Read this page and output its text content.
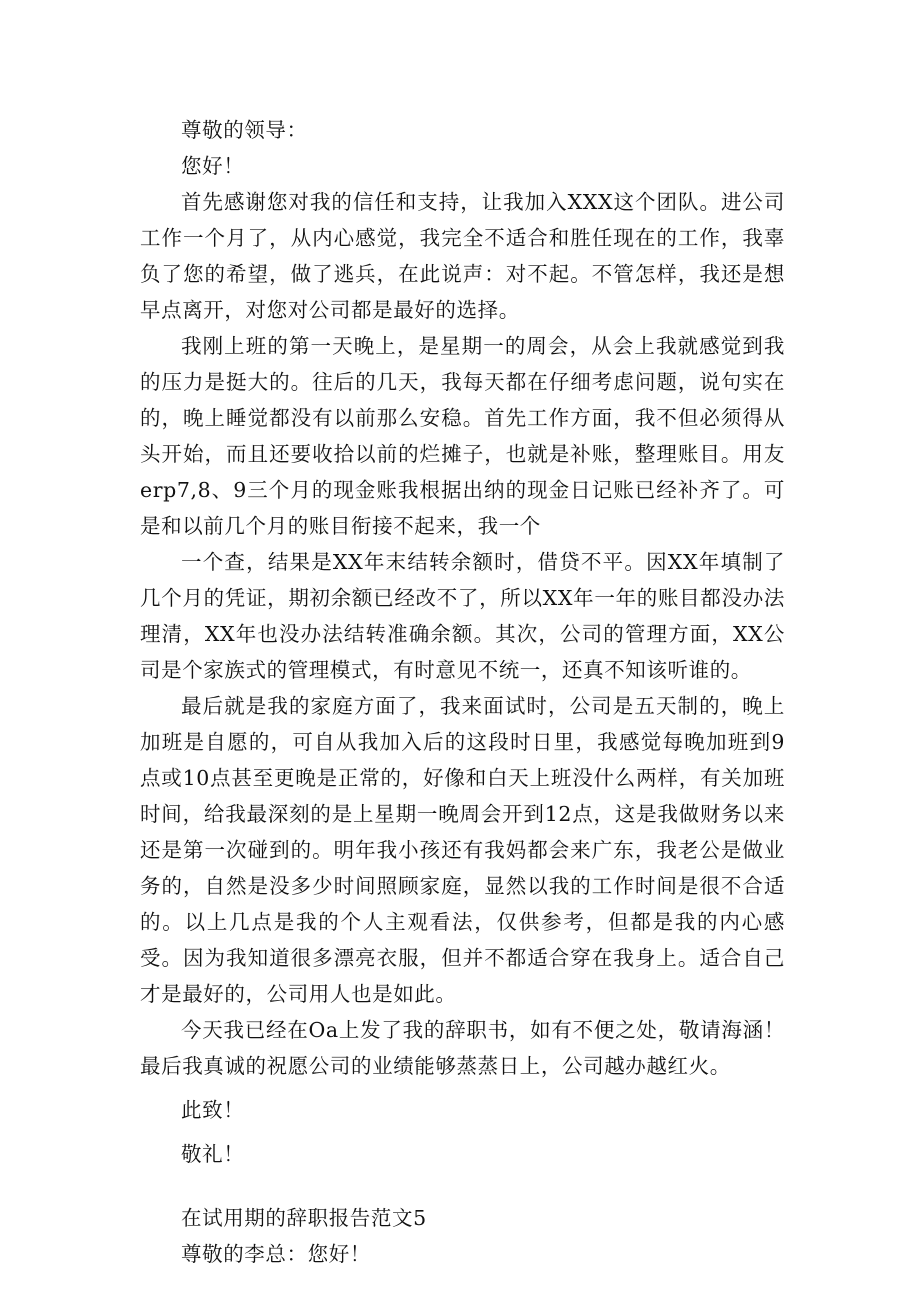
尊敬的领导：

您好！

首先感谢您对我的信任和支持，让我加入XXX这个团队。进公司工作一个月了，从内心感觉，我完全不适合和胜任现在的工作，我辜负了您的希望，做了逃兵，在此说声：对不起。不管怎样，我还是想早点离开，对您对公司都是最好的选择。

我刚上班的第一天晚上，是星期一的周会，从会上我就感觉到我的压力是挺大的。往后的几天，我每天都在仔细考虑问题，说句实在的，晚上睡觉都没有以前那么安稳。首先工作方面，我不但必须得从头开始，而且还要收拾以前的烂摊子，也就是补账，整理账目。用友erp7,8、9三个月的现金账我根据出纳的现金日记账已经补齐了。可是和以前几个月的账目衔接不起来，我一个

一个查，结果是XX年末结转余额时，借贷不平。因XX年填制了几个月的凭证，期初余额已经改不了，所以XX年一年的账目都没办法理清，XX年也没办法结转准确余额。其次，公司的管理方面，XX公司是个家族式的管理模式，有时意见不统一，还真不知该听谁的。

最后就是我的家庭方面了，我来面试时，公司是五天制的，晚上加班是自愿的，可自从我加入后的这段时日里，我感觉每晚加班到9点或10点甚至更晚是正常的，好像和白天上班没什么两样，有关加班时间，给我最深刻的是上星期一晚周会开到12点，这是我做财务以来还是第一次碰到的。明年我小孩还有我妈都会来广东，我老公是做业务的，自然是没多少时间照顾家庭，显然以我的工作时间是很不合适的。以上几点是我的个人主观看法，仅供参考，但都是我的内心感受。因为我知道很多漂亮衣服，但并不都适合穿在我身上。适合自己才是最好的，公司用人也是如此。

今天我已经在Oa上发了我的辞职书，如有不便之处，敬请海涵！最后我真诚的祝愿公司的业绩能够蒸蒸日上，公司越办越红火。

此致！

敬礼！

在试用期的辞职报告范文5

尊敬的李总：您好！
